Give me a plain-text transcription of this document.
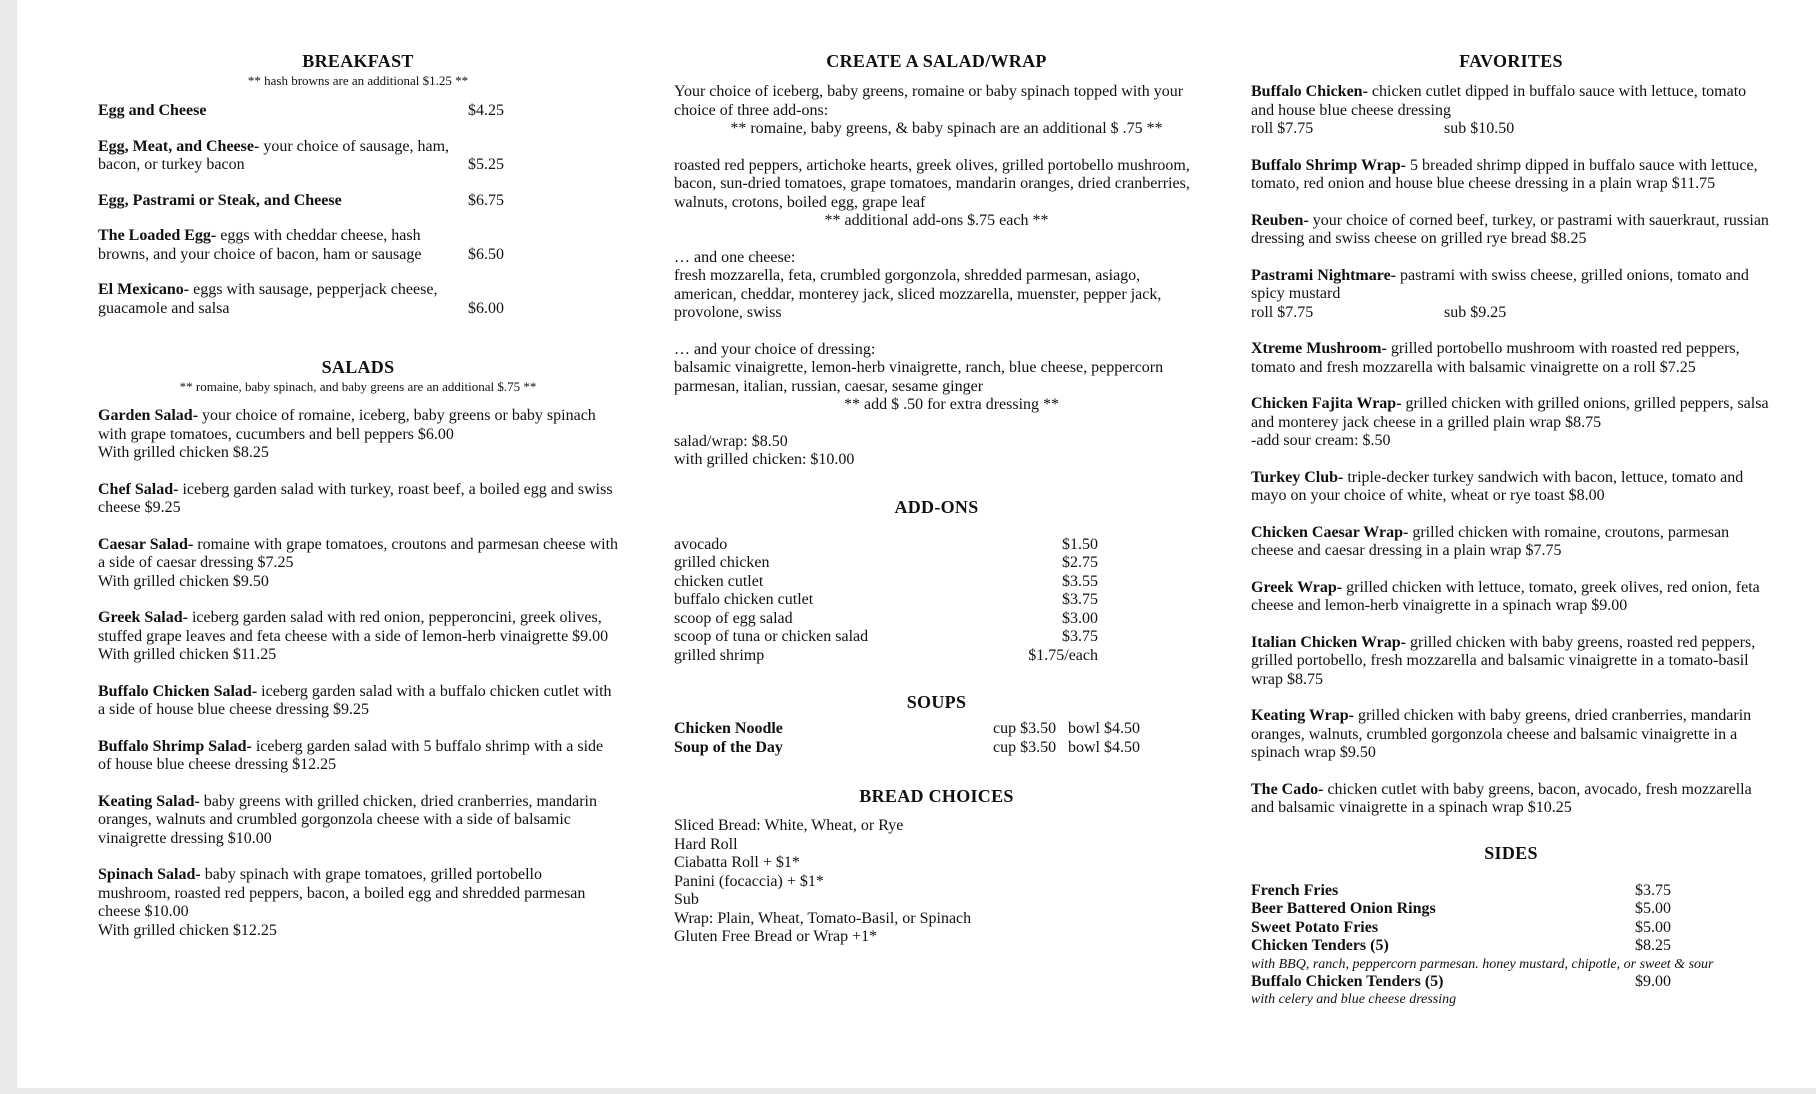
BREAKFAST
** hash browns are an additional $1.25 **
Egg and Cheese	$4.25
Egg, Meat, and Cheese- your choice of sausage, ham, bacon, or turkey bacon	$5.25
Egg, Pastrami or Steak, and Cheese	$6.75
The Loaded Egg- eggs with cheddar cheese, hash browns, and your choice of bacon, ham or sausage	$6.50
El Mexicano- eggs with sausage, pepperjack cheese, guacamole and salsa	$6.00
SALADS
** romaine, baby spinach, and baby greens are an additional $.75 **
Garden Salad- your choice of romaine, iceberg, baby greens or baby spinach with grape tomatoes, cucumbers and bell peppers $6.00
With grilled chicken $8.25
Chef Salad- iceberg garden salad with turkey, roast beef, a boiled egg and swiss cheese $9.25
Caesar Salad- romaine with grape tomatoes, croutons and parmesan cheese with a side of caesar dressing $7.25
With grilled chicken $9.50
Greek Salad- iceberg garden salad with red onion, pepperoncini, greek olives, stuffed grape leaves and feta cheese with a side of lemon-herb vinaigrette $9.00
With grilled chicken $11.25
Buffalo Chicken Salad- iceberg garden salad with a buffalo chicken cutlet with a side of house blue cheese dressing $9.25
Buffalo Shrimp Salad- iceberg garden salad with 5 buffalo shrimp with a side of house blue cheese dressing $12.25
Keating Salad- baby greens with grilled chicken, dried cranberries, mandarin oranges, walnuts and crumbled gorgonzola cheese with a side of balsamic vinaigrette dressing $10.00
Spinach Salad- baby spinach with grape tomatoes, grilled portobello mushroom, roasted red peppers, bacon, a boiled egg and shredded parmesan cheese $10.00
With grilled chicken $12.25
CREATE A SALAD/WRAP
Your choice of iceberg, baby greens, romaine or baby spinach topped with your choice of three add-ons:
** romaine, baby greens, & baby spinach are an additional $ .75 **
roasted red peppers, artichoke hearts, greek olives, grilled portobello mushroom, bacon, sun-dried tomatoes, grape tomatoes, mandarin oranges, dried cranberries, walnuts, crotons, boiled egg, grape leaf
** additional add-ons $.75 each **
… and one cheese:
fresh mozzarella, feta, crumbled gorgonzola, shredded parmesan, asiago, american, cheddar, monterey jack, sliced mozzarella, muenster, pepper jack, provolone, swiss
… and your choice of dressing:
balsamic vinaigrette, lemon-herb vinaigrette, ranch, blue cheese, peppercorn parmesan, italian, russian, caesar, sesame ginger
** add $ .50 for extra dressing **
salad/wrap: $8.50
with grilled chicken: $10.00
ADD-ONS
avocado	$1.50
grilled chicken	$2.75
chicken cutlet	$3.55
buffalo chicken cutlet	$3.75
scoop of egg salad	$3.00
scoop of tuna or chicken salad	$3.75
grilled shrimp	$1.75/each
SOUPS
Chicken Noodle	cup $3.50 bowl $4.50
Soup of the Day	cup $3.50 bowl $4.50
BREAD CHOICES
Sliced Bread: White, Wheat, or Rye
Hard Roll
Ciabatta Roll + $1*
Panini (focaccia) + $1*
Sub
Wrap: Plain, Wheat, Tomato-Basil, or Spinach
Gluten Free Bread or Wrap +1*
FAVORITES
Buffalo Chicken- chicken cutlet dipped in buffalo sauce with lettuce, tomato and house blue cheese dressing
roll $7.75	sub $10.50
Buffalo Shrimp Wrap- 5 breaded shrimp dipped in buffalo sauce with lettuce, tomato, red onion and house blue cheese dressing in a plain wrap $11.75
Reuben- your choice of corned beef, turkey, or pastrami with sauerkraut, russian dressing and swiss cheese on grilled rye bread $8.25
Pastrami Nightmare- pastrami with swiss cheese, grilled onions, tomato and spicy mustard
roll $7.75	sub $9.25
Xtreme Mushroom- grilled portobello mushroom with roasted red peppers, tomato and fresh mozzarella with balsamic vinaigrette on a roll $7.25
Chicken Fajita Wrap- grilled chicken with grilled onions, grilled peppers, salsa and monterey jack cheese in a grilled plain wrap $8.75
-add sour cream: $.50
Turkey Club- triple-decker turkey sandwich with bacon, lettuce, tomato and mayo on your choice of white, wheat or rye toast $8.00
Chicken Caesar Wrap- grilled chicken with romaine, croutons, parmesan cheese and caesar dressing in a plain wrap $7.75
Greek Wrap- grilled chicken with lettuce, tomato, greek olives, red onion, feta cheese and lemon-herb vinaigrette in a spinach wrap $9.00
Italian Chicken Wrap- grilled chicken with baby greens, roasted red peppers, grilled portobello, fresh mozzarella and balsamic vinaigrette in a tomato-basil wrap $8.75
Keating Wrap- grilled chicken with baby greens, dried cranberries, mandarin oranges, walnuts, crumbled gorgonzola cheese and balsamic vinaigrette in a spinach wrap $9.50
The Cado- chicken cutlet with baby greens, bacon, avocado, fresh mozzarella and balsamic vinaigrette in a spinach wrap $10.25
SIDES
French Fries	$3.75
Beer Battered Onion Rings	$5.00
Sweet Potato Fries	$5.00
Chicken Tenders (5)	$8.25
with BBQ, ranch, peppercorn parmesan. honey mustard, chipotle, or sweet & sour
Buffalo Chicken Tenders (5)	$9.00
with celery and blue cheese dressing
